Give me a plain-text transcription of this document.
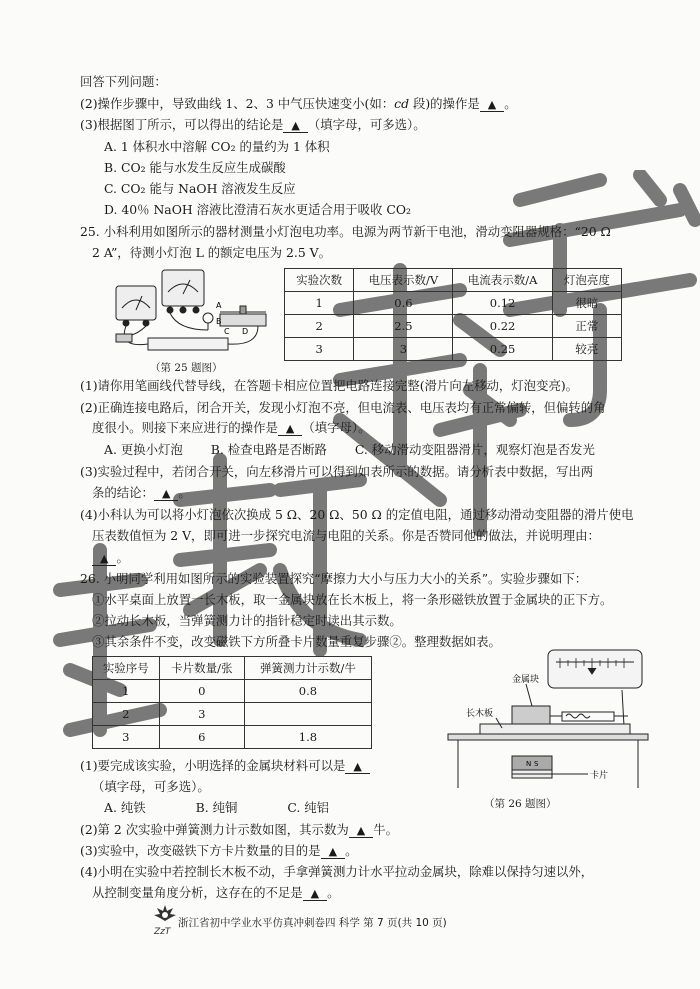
回答下列问题：
(2)操作步骤中，导致曲线 1、2、3 中气压快速变小(如：cd 段)的操作是 ▲ 。
(3)根据图丁所示，可以得出的结论是 ▲ （填字母，可多选）。
A. 1 体积水中溶解 CO₂ 的量约为 1 体积
B. CO₂ 能与水发生反应生成碳酸
C. CO₂ 能与 NaOH 溶液发生反应
D. 40％ NaOH 溶液比澄清石灰水更适合用于吸收 CO₂
25. 小科利用如图所示的器材测量小灯泡电功率。电源为两节新干电池，滑动变阻器规格：“20 Ω
2 A”，待测小灯泡 L 的额定电压为 2.5 V。
A
B
C D
（第 25 题图）
实验次数	电压表示数/V	电流表示数/A	灯泡亮度
1	0.6	0.12	很暗
2	2.5	0.22	正常
3	3	0.25	较亮
(1)请你用笔画线代替导线，在答题卡相应位置把电路连接完整(滑片向左移动，灯泡变亮)。
(2)正确连接电路后，闭合开关，发现小灯泡不亮，但电流表、电压表均有正常偏转，但偏转的角
度很小。则接下来应进行的操作是 ▲ （填字母）。
A. 更换小灯泡 B. 检查电路是否断路 C. 移动滑动变阻器滑片，观察灯泡是否发光
(3)实验过程中，若闭合开关，向左移滑片可以得到如表所示的数据。请分析表中数据，写出两
条的结论： ▲ 。
(4)小科认为可以将小灯泡依次换成 5 Ω、20 Ω、50 Ω 的定值电阻，通过移动滑动变阻器的滑片使电
压表数值恒为 2 V，即可进一步探究电流与电阻的关系。你是否赞同他的做法，并说明理由：
▲ 。
26. 小明同学利用如图所示的实验装置探究“摩擦力大小与压力大小的关系”。实验步骤如下：
①水平桌面上放置一长木板，取一金属块放在长木板上，将一条形磁铁放置于金属块的正下方。
②拉动长木板，当弹簧测力计的指针稳定时读出其示数。
③其余条件不变，改变磁铁下方所叠卡片数量重复步骤②。整理数据如表。
实验序号	卡片数量/张	弹簧测力计示数/牛
1	0	0.8
2	3	
3	6	1.8
N S
金属块
长木板
卡片
（第 26 题图）
(1)要完成该实验，小明选择的金属块材料可以是 ▲
（填字母，可多选）。
A. 纯铁	B. 纯铜	C. 纯铝
(2)第 2 次实验中弹簧测力计示数如图，其示数为 ▲ 牛。
(3)实验中，改变磁铁下方卡片数量的目的是 ▲ 。
(4)小明在实验中若控制长木板不动，手拿弹簧测力计水平拉动金属块，除难以保持匀速以外，
从控制变量角度分析，这存在的不足是 ▲ 。
ZzT
浙江省初中学业水平仿真冲刺卷四 科学 第 7 页(共 10 页)
